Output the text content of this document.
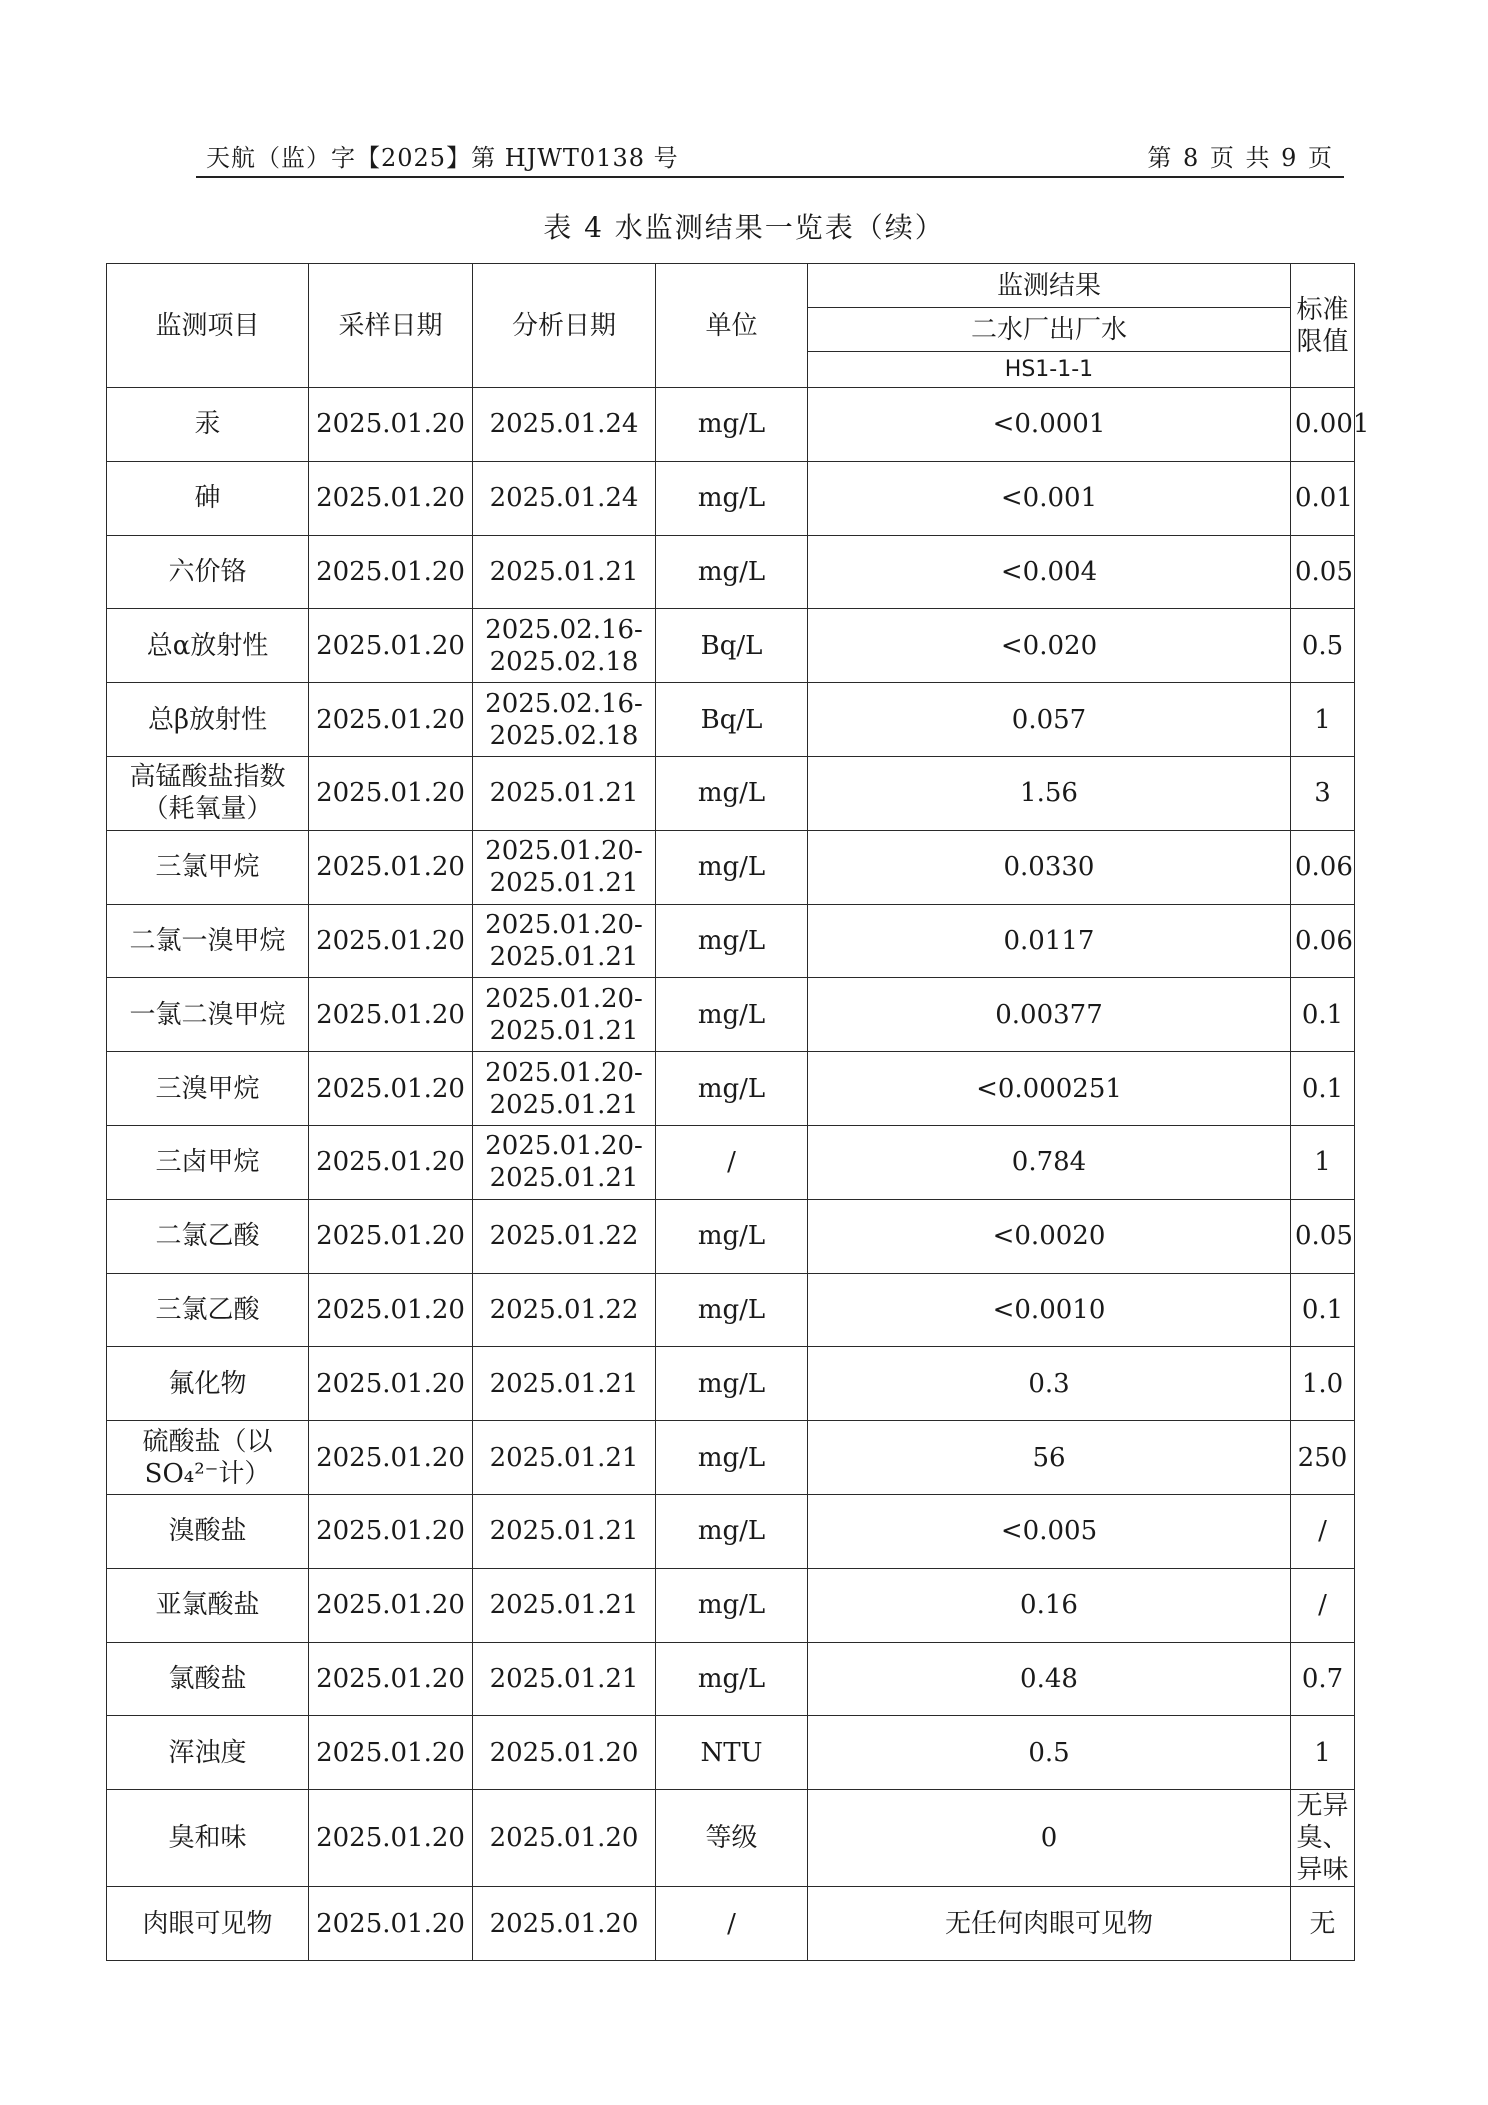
天航（监）字【2025】第 HJWT0138 号	第 8 页 共 9 页
表 4 水监测结果一览表（续）
监测项目	采样日期	分析日期	单位	监测结果	标准限值
				二水厂出厂水	
				HS1-1-1	
汞	2025.01.20	2025.01.24	mg/L	<0.0001	0.001
砷	2025.01.20	2025.01.24	mg/L	<0.001	0.01
六价铬	2025.01.20	2025.01.21	mg/L	<0.004	0.05
总α放射性	2025.01.20	2025.02.16-2025.02.18	Bq/L	<0.020	0.5
总β放射性	2025.01.20	2025.02.16-2025.02.18	Bq/L	0.057	1
高锰酸盐指数（耗氧量）	2025.01.20	2025.01.21	mg/L	1.56	3
三氯甲烷	2025.01.20	2025.01.20-2025.01.21	mg/L	0.0330	0.06
二氯一溴甲烷	2025.01.20	2025.01.20-2025.01.21	mg/L	0.0117	0.06
一氯二溴甲烷	2025.01.20	2025.01.20-2025.01.21	mg/L	0.00377	0.1
三溴甲烷	2025.01.20	2025.01.20-2025.01.21	mg/L	<0.000251	0.1
三卤甲烷	2025.01.20	2025.01.20-2025.01.21	/	0.784	1
二氯乙酸	2025.01.20	2025.01.22	mg/L	<0.0020	0.05
三氯乙酸	2025.01.20	2025.01.22	mg/L	<0.0010	0.1
氟化物	2025.01.20	2025.01.21	mg/L	0.3	1.0
硫酸盐（以SO₄²⁻计）	2025.01.20	2025.01.21	mg/L	56	250
溴酸盐	2025.01.20	2025.01.21	mg/L	<0.005	/
亚氯酸盐	2025.01.20	2025.01.21	mg/L	0.16	/
氯酸盐	2025.01.20	2025.01.21	mg/L	0.48	0.7
浑浊度	2025.01.20	2025.01.20	NTU	0.5	1
臭和味	2025.01.20	2025.01.20	等级	0	无异臭、异味
肉眼可见物	2025.01.20	2025.01.20	/	无任何肉眼可见物	无
